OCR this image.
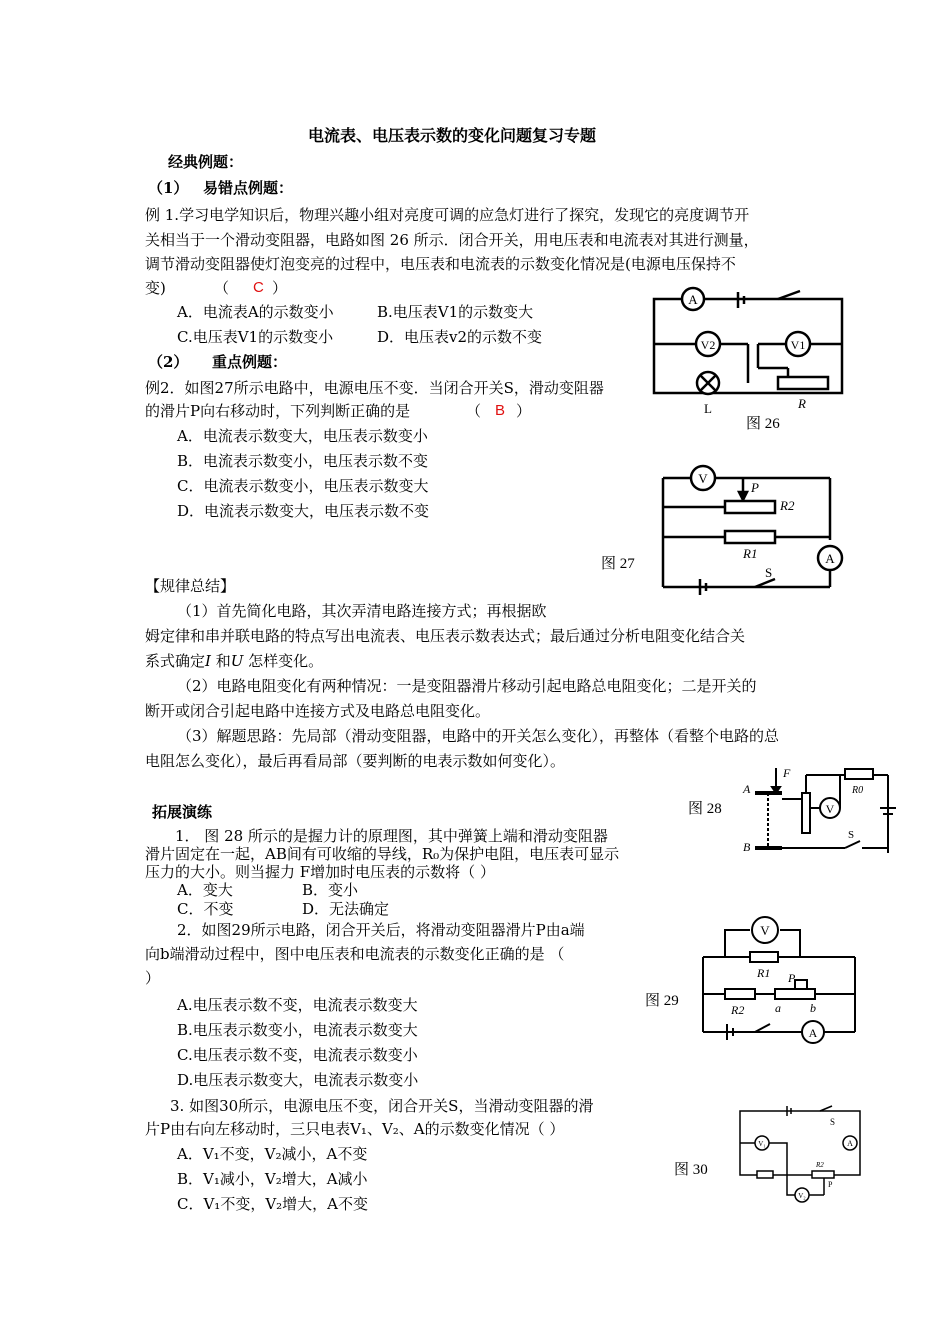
电流表、电压表示数的变化问题复习专题
经典例题：
（1） 易错点例题：
例 1.学习电学知识后，物理兴趣小组对亮度可调的应急灯进行了探究，发现它的亮度调节开
关相当于一个滑动变阻器，电路如图 26 所示．闭合开关，用电压表和电流表对其进行测量，
调节滑动变阻器使灯泡变亮的过程中，电压表和电流表的示数变化情况是(电源电压保持不
变)	（ C ）
A．电流表A的示数变小	B.电压表V1的示数变大
C.电压表V1的示数变小	D．电压表v2的示数不变
（2） 重点例题：
例2．如图27所示电路中，电源电压不变．当闭合开关S，滑动变阻器
的滑片P向右移动时，下列判断正确的是	（ B ）
A．电流表示数变大，电压表示数变小
B．电流表示数变小，电压表示数不变
C．电流表示数变小，电压表示数变大
D．电流表示数变大，电压表示数不变
【规律总结】
（1）首先简化电路，其次弄清电路连接方式；再根据欧
姆定律和串并联电路的特点写出电流表、电压表示数表达式；最后通过分析电阻变化结合关
系式确定I 和U 怎样变化。
（2）电路电阻变化有两种情况：一是变阻器滑片移动引起电路总电阻变化；二是开关的
断开或闭合引起电路中连接方式及电路总电阻变化。
（3）解题思路：先局部（滑动变阻器，电路中的开关怎么变化），再整体（看整个电路的总
电阻怎么变化），最后再看局部（要判断的电表示数如何变化）。
拓展演练
1． 图 28 所示的是握力计的原理图，其中弹簧上端和滑动变阻器
滑片固定在一起，AB间有可收缩的导线，R₀为保护电阻，电压表可显示
压力的大小。则当握力 F增加时电压表的示数将（ ）
A．变大	B．变小
C．不变	D．无法确定
2．如图29所示电路，闭合开关后，将滑动变阻器滑片P由a端
向b端滑动过程中，图中电压表和电流表的示数变化正确的是 （
）
A.电压表示数不变，电流表示数变大
B.电压表示数变小，电流表示数变大
C.电压表示数不变，电流表示数变小
D.电压表示数变大，电流表示数变小
3. 如图30所示，电源电压不变，闭合开关S，当滑动变阻器的滑
片P由右向左移动时，三只电表V₁、V₂、A的示数变化情况（ ）
A．V₁不变，V₂减小，A不变
B．V₁减小，V₂增大，A减小
C．V₁不变，V₂增大，A不变
图 26
图 27
图 28
图 29
图 30
A
V2	V1
L	R
V
P
R2
R1	A
S
F
A
B
R0
V
S
V
R1
R2
P
a b
A
S
A
V₁
R2
P
V₂
